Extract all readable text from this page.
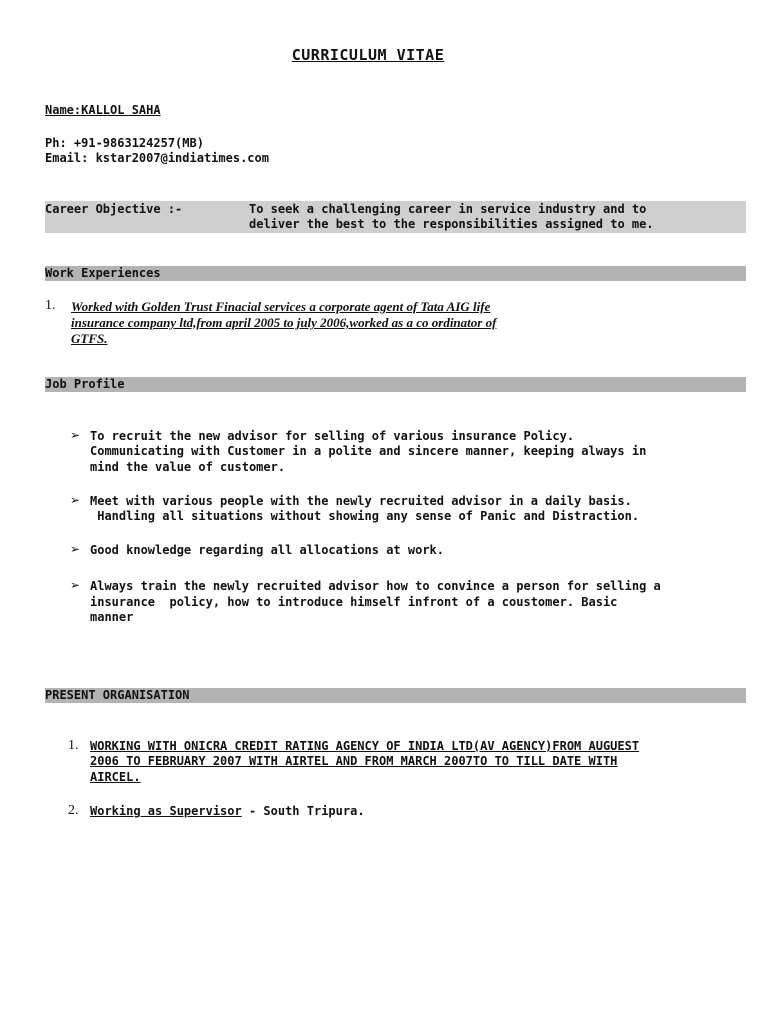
CURRICULUM VITAE
Name:KALLOL SAHA
Ph: +91-9863124257(MB)
Email: kstar2007@indiatimes.com
Career Objective :-	To seek a challenging career in service industry and to
deliver the best to the responsibilities assigned to me.
Work Experiences
1. Worked with Golden Trust Finacial services a corporate agent of Tata AIG life
insurance company ltd,from april 2005 to july 2006,worked as a co ordinator of
GTFS.
Job Profile
➢ To recruit the new advisor for selling of various insurance Policy.
Communicating with Customer in a polite and sincere manner, keeping always in
mind the value of customer.
➢ Meet with various people with the newly recruited advisor in a daily basis.
Handling all situations without showing any sense of Panic and Distraction.
➢ Good knowledge regarding all allocations at work.
➢ Always train the newly recruited advisor how to convince a person for selling a
insurance  policy, how to introduce himself infront of a coustomer. Basic
manner
PRESENT ORGANISATION
1. WORKING WITH ONICRA CREDIT RATING AGENCY OF INDIA LTD(AV AGENCY)FROM AUGUEST
2006 TO FEBRUARY 2007 WITH AIRTEL AND FROM MARCH 2007TO TO TILL DATE WITH
AIRCEL.
2. Working as Supervisor - South Tripura.
